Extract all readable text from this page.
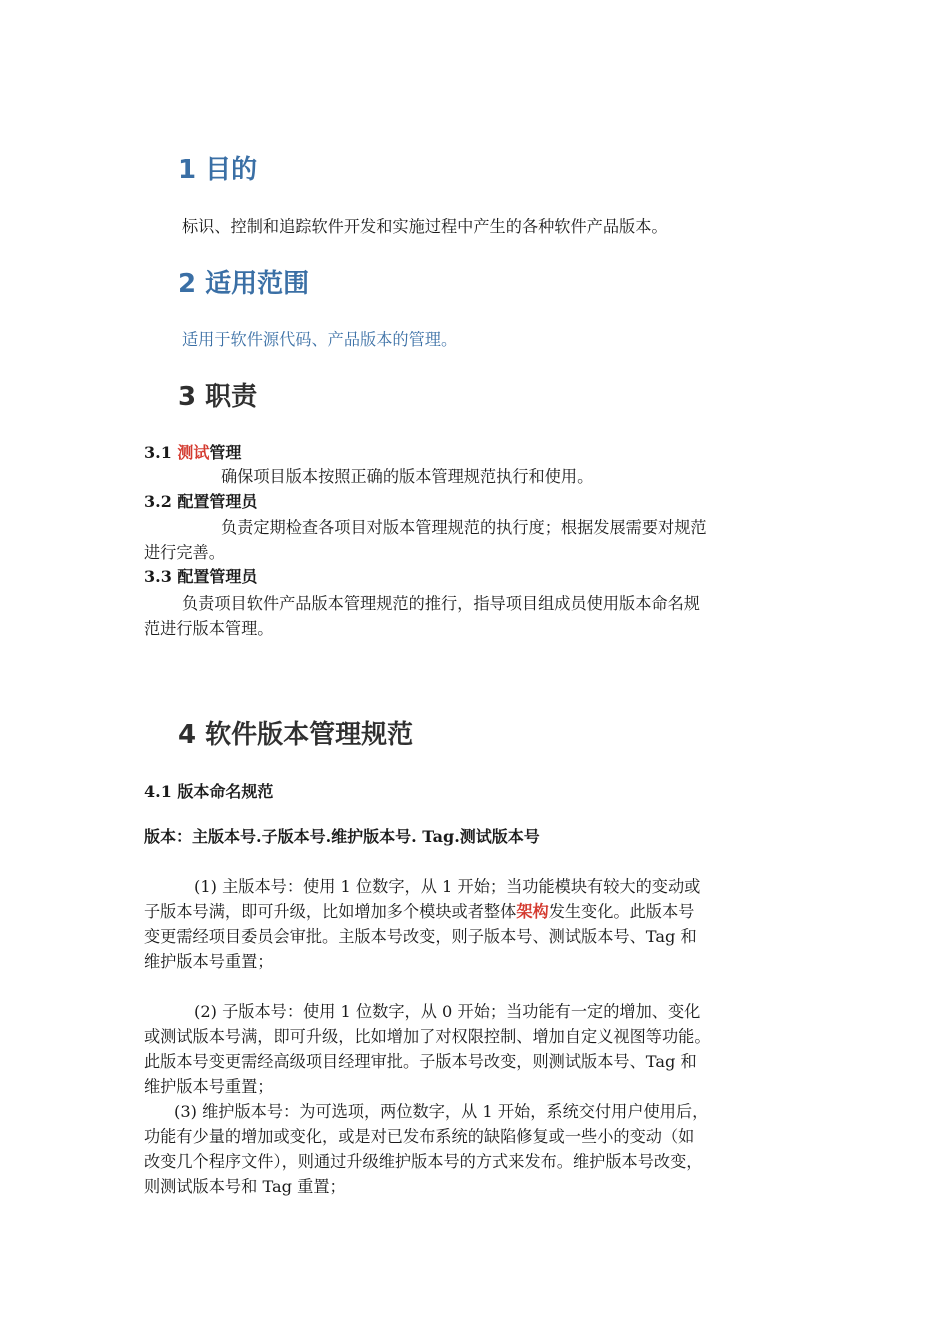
1 目的
标识、控制和追踪软件开发和实施过程中产生的各种软件产品版本。
2 适用范围
适用于软件源代码、产品版本的管理。
3 职责
3.1 测试管理
确保项目版本按照正确的版本管理规范执行和使用。
3.2 配置管理员
负责定期检查各项目对版本管理规范的执行度；根据发展需要对规范
进行完善。
3.3 配置管理员
负责项目软件产品版本管理规范的推行，指导项目组成员使用版本命名规
范进行版本管理。
4 软件版本管理规范
4.1 版本命名规范
版本：主版本号.子版本号.维护版本号. Tag.测试版本号
(1) 主版本号：使用 1 位数字，从 1 开始；当功能模块有较大的变动或
子版本号满，即可升级，比如增加多个模块或者整体架构发生变化。此版本号
变更需经项目委员会审批。主版本号改变，则子版本号、测试版本号、Tag 和
维护版本号重置；
(2) 子版本号：使用 1 位数字，从 0 开始；当功能有一定的增加、变化
或测试版本号满，即可升级，比如增加了对权限控制、增加自定义视图等功能。
此版本号变更需经高级项目经理审批。子版本号改变，则测试版本号、Tag 和
维护版本号重置；
(3) 维护版本号：为可选项，两位数字，从 1 开始，系统交付用户使用后，
功能有少量的增加或变化，或是对已发布系统的缺陷修复或一些小的变动（如
改变几个程序文件），则通过升级维护版本号的方式来发布。维护版本号改变，
则测试版本号和 Tag 重置；
